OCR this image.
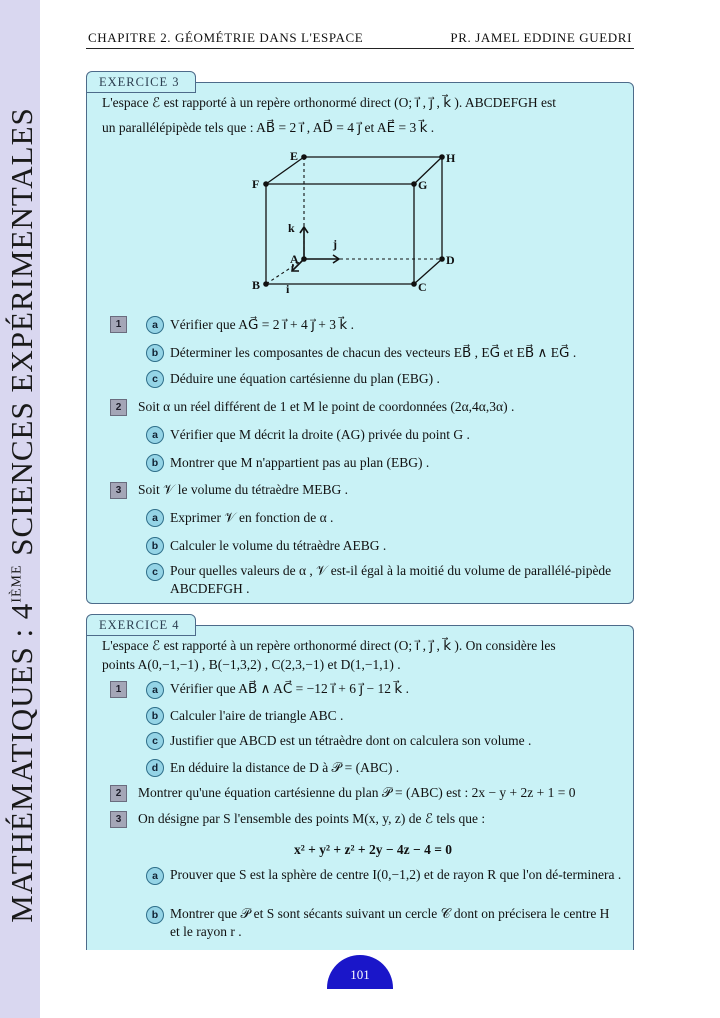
MATHÉMATIQUES : 4IÈME SCIENCES EXPÉRIMENTALES
CHAPITRE 2. GÉOMÉTRIE DANS L'ESPACE	PR. JAMEL EDDINE GUEDRI
EXERCICE 3
L'espace ℰ est rapporté à un repère orthonormé direct (O; i⃗ , j⃗ , k⃗ ). ABCDEFGH est
un parallélépipède tels que : AB⃗ = 2 i⃗ , AD⃗ = 4 j⃗ et AE⃗ = 3 k⃗ .
E	H
F	G
A	D
B	C
k⃗
j⃗
i⃗
1	a Vérifier que AG⃗ = 2 i⃗ + 4 j⃗ + 3 k⃗ .
b Déterminer les composantes de chacun des vecteurs EB⃗ , EG⃗ et EB⃗ ∧ EG⃗ .
c Déduire une équation cartésienne du plan (EBG) .
2	Soit α un réel différent de 1 et M le point de coordonnées (2α,4α,3α) .
a Vérifier que M décrit la droite (AG) privée du point G .
b Montrer que M n'appartient pas au plan (EBG) .
3	Soit 𝒱 le volume du tétraèdre MEBG .
a Exprimer 𝒱 en fonction de α .
b Calculer le volume du tétraèdre AEBG .
c Pour quelles valeurs de α , 𝒱 est-il égal à la moitié du volume de parallélé-pipède ABCDEFGH .
EXERCICE 4
L'espace ℰ est rapporté à un repère orthonormé direct (O; i⃗ , j⃗ , k⃗ ). On considère les
points A(0,−1,−1) , B(−1,3,2) , C(2,3,−1) et D(1,−1,1) .
1	a Vérifier que AB⃗ ∧ AC⃗ = −12 i⃗ + 6 j⃗ − 12 k⃗ .
b Calculer l'aire de triangle ABC .
c Justifier que ABCD est un tétraèdre dont on calculera son volume .
d En déduire la distance de D à 𝒫 = (ABC) .
2	Montrer qu'une équation cartésienne du plan 𝒫 = (ABC) est : 2x − y + 2z + 1 = 0
3	On désigne par S l'ensemble des points M(x, y, z) de ℰ tels que :
x² + y² + z² + 2y − 4z − 4 = 0
a Prouver que S est la sphère de centre I(0,−1,2) et de rayon R que l'on dé-terminera .
b Montrer que 𝒫 et S sont sécants suivant un cercle 𝒞 dont on précisera le centre H et le rayon r .
101
